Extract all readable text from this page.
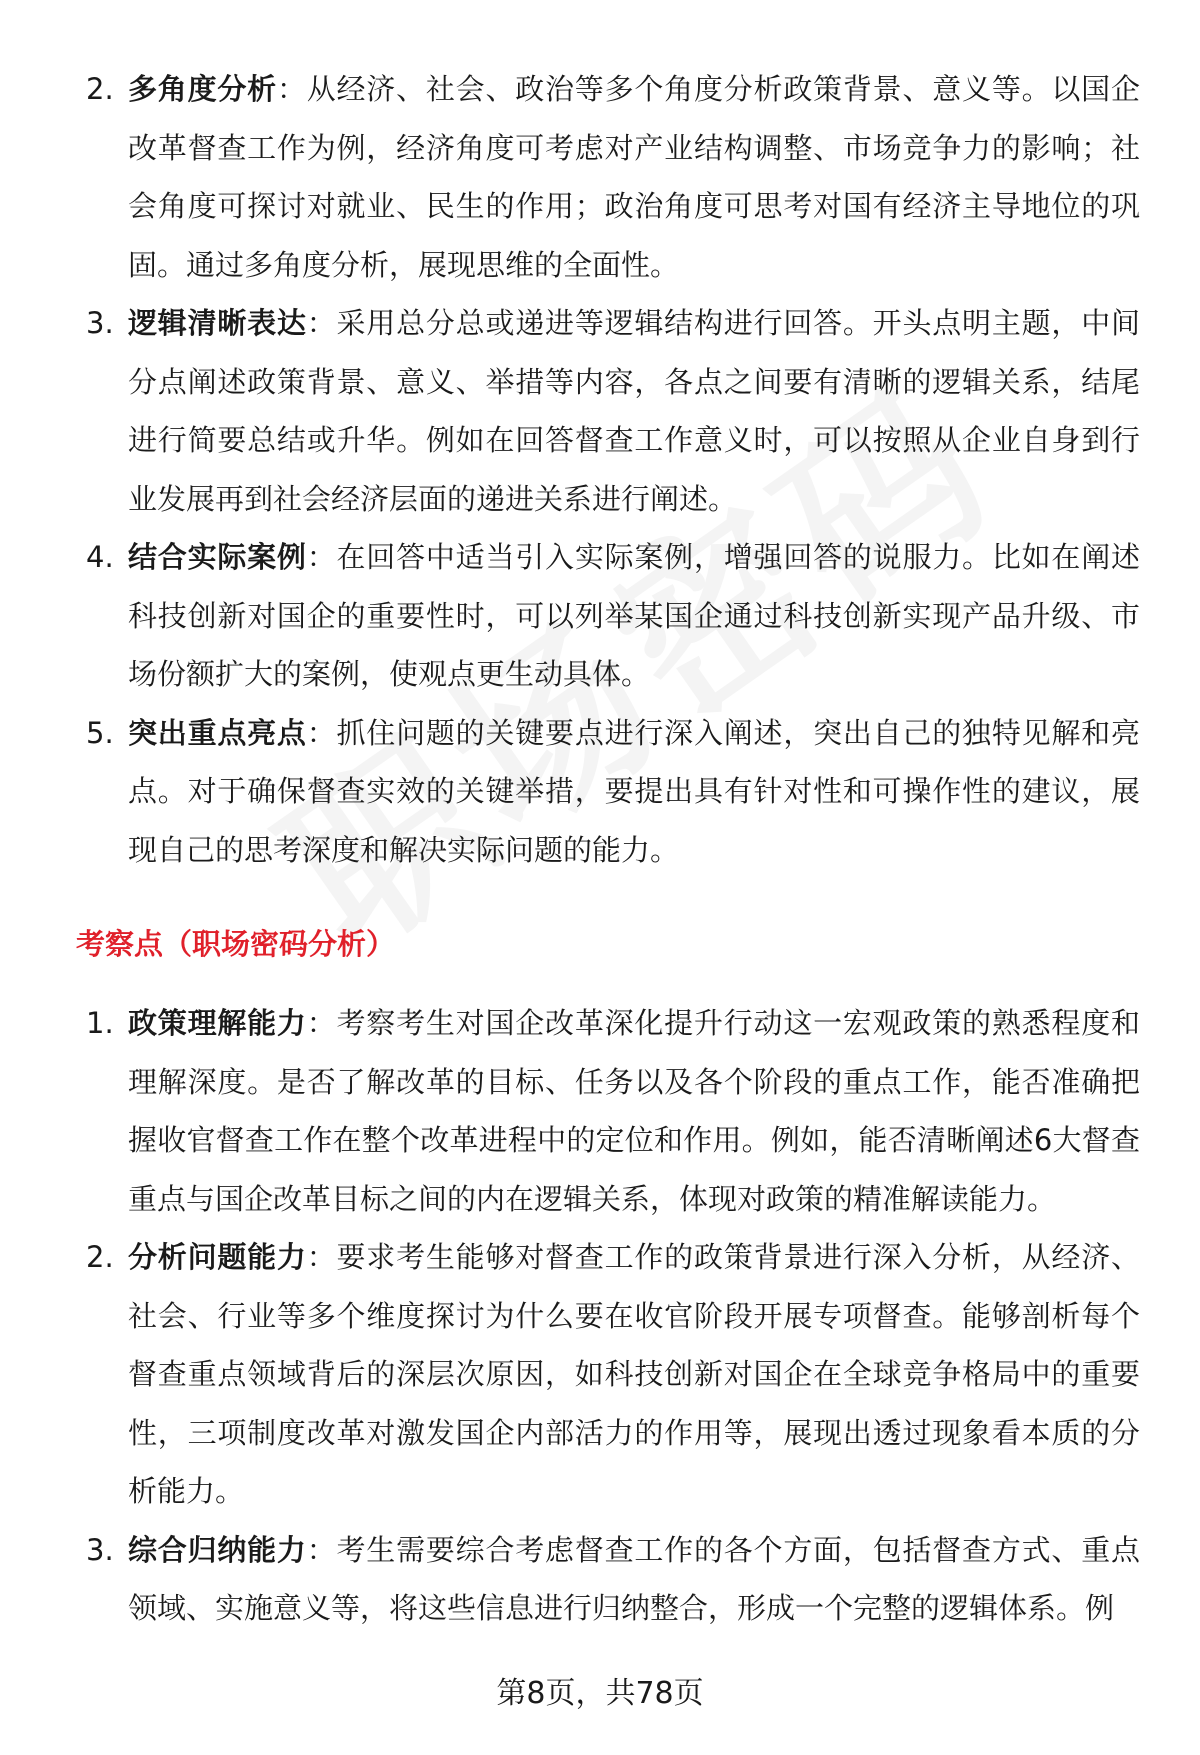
2. 多角度分析：从经济、社会、政治等多个角度分析政策背景、意义等。以国企改革督查工作为例，经济角度可考虑对产业结构调整、市场竞争力的影响；社会角度可探讨对就业、民生的作用；政治角度可思考对国有经济主导地位的巩固。通过多角度分析，展现思维的全面性。
3. 逻辑清晰表达：采用总分总或递进等逻辑结构进行回答。开头点明主题，中间分点阐述政策背景、意义、举措等内容，各点之间要有清晰的逻辑关系，结尾进行简要总结或升华。例如在回答督查工作意义时，可以按照从企业自身到行业发展再到社会经济层面的递进关系进行阐述。
4. 结合实际案例：在回答中适当引入实际案例，增强回答的说服力。比如在阐述科技创新对国企的重要性时，可以列举某国企通过科技创新实现产品升级、市场份额扩大的案例，使观点更生动具体。
5. 突出重点亮点：抓住问题的关键要点进行深入阐述，突出自己的独特见解和亮点。对于确保督查实效的关键举措，要提出具有针对性和可操作性的建议，展现自己的思考深度和解决实际问题的能力。
考察点（职场密码分析）
1. 政策理解能力：考察考生对国企改革深化提升行动这一宏观政策的熟悉程度和理解深度。是否了解改革的目标、任务以及各个阶段的重点工作，能否准确把握收官督查工作在整个改革进程中的定位和作用。例如，能否清晰阐述6大督查重点与国企改革目标之间的内在逻辑关系，体现对政策的精准解读能力。
2. 分析问题能力：要求考生能够对督查工作的政策背景进行深入分析，从经济、社会、行业等多个维度探讨为什么要在收官阶段开展专项督查。能够剖析每个督查重点领域背后的深层次原因，如科技创新对国企在全球竞争格局中的重要性，三项制度改革对激发国企内部活力的作用等，展现出透过现象看本质的分析能力。
3. 综合归纳能力：考生需要综合考虑督查工作的各个方面，包括督查方式、重点领域、实施意义等，将这些信息进行归纳整合，形成一个完整的逻辑体系。例
第8页，共78页
